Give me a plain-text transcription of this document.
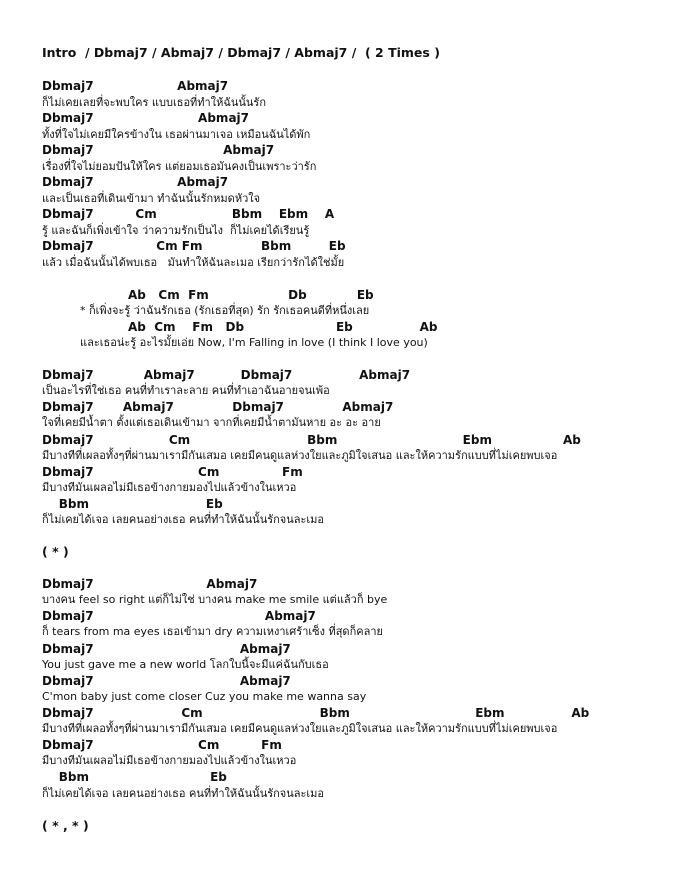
Intro  / Dbmaj7 / Abmaj7 / Dbmaj7 / Abmaj7 /  ( 2 Times )
Dbmaj7                    Abmaj7
ก็ไม่เคยเลยที่จะพบใคร แบบเธอที่ทำให้ฉันนั้นรัก
Dbmaj7                         Abmaj7
ทั้งที่ใจไม่เคยมีใครข้างใน เธอผ่านมาเจอ เหมือนฉันได้พัก
Dbmaj7                               Abmaj7
เรื่องที่ใจไม่ยอมปันให้ใคร แต่ยอมเธอมันคงเป็นเพราะว่ารัก
Dbmaj7                    Abmaj7
และเป็นเธอที่เดินเข้ามา ทำฉันนั้นรักหมดหัวใจ
Dbmaj7          Cm                  Bbm    Ebm    A
รู้ และฉันก็เพิ่งเข้าใจ ว่าความรักเป็นไง  ก็ไม่เคยได้เรียนรู้
Dbmaj7               Cm Fm              Bbm         Eb
แล้ว เมื่อฉันนั้นได้พบเธอ   มันทำให้ฉันละเมอ เรียกว่ารักได้ใช่มั้ย
Ab   Cm  Fm                   Db            Eb
* ก็เพิ่งจะรู้ ว่าฉันรักเธอ (รักเธอที่สุด) รัก รักเธอคนดีที่หนึ่งเลย
Ab  Cm    Fm   Db                      Eb                Ab
และเธอน่ะรู้ อะไรมั้ยเอ่ย Now, I'm Falling in love (I think I love you)
Dbmaj7            Abmaj7           Dbmaj7                Abmaj7
เป็นอะไรที่ใช่เธอ คนที่ทำเราละลาย คนที่ทำเอาฉันอายจนเพ้อ
Dbmaj7       Abmaj7              Dbmaj7              Abmaj7
ใจที่เคยมีน้ำตา ตั้งแต่เธอเดินเข้ามา จากที่เคยมีน้ำตามันหาย อะ อะ อาย
Dbmaj7                  Cm                            Bbm                              Ebm                 Ab
มีบางทีที่เผลอทั้งๆที่ผ่านมาเรามีกันเสมอ เคยมีคนดูแลห่วงใยและภูมิใจเสนอ และให้ความรักแบบที่ไม่เคยพบเจอ
Dbmaj7                         Cm               Fm
มีบางทีมันเผลอไม่มีเธอข้างกายมองไปแล้วข้างในเหวอ
Bbm                            Eb
ก็ไม่เคยได้เจอ เลยคนอย่างเธอ คนที่ทำให้ฉันนั้นรักจนละเมอ
( * )
Dbmaj7                           Abmaj7
บางคน feel so right แต่ก็ไม่ใช่ บางคน make me smile แต่แล้วก็ bye
Dbmaj7                                         Abmaj7
ก็ tears from ma eyes เธอเข้ามา dry ความเหงาเศร้าเซ็ง ที่สุดก็คลาย
Dbmaj7                                   Abmaj7
You just gave me a new world โลกใบนี้จะมีแค่ฉันกับเธอ
Dbmaj7                                   Abmaj7
C'mon baby just come closer Cuz you make me wanna say
Dbmaj7                     Cm                            Bbm                              Ebm                Ab
มีบางทีที่เผลอทั้งๆที่ผ่านมาเรามีกันเสมอ เคยมีคนดูแลห่วงใยและภูมิใจเสนอ และให้ความรักแบบที่ไม่เคยพบเจอ
Dbmaj7                         Cm          Fm
มีบางทีมันเผลอไม่มีเธอข้างกายมองไปแล้วข้างในเหวอ
Bbm                             Eb
ก็ไม่เคยได้เจอ เลยคนอย่างเธอ คนที่ทำให้ฉันนั้นรักจนละเมอ
( * , * )
